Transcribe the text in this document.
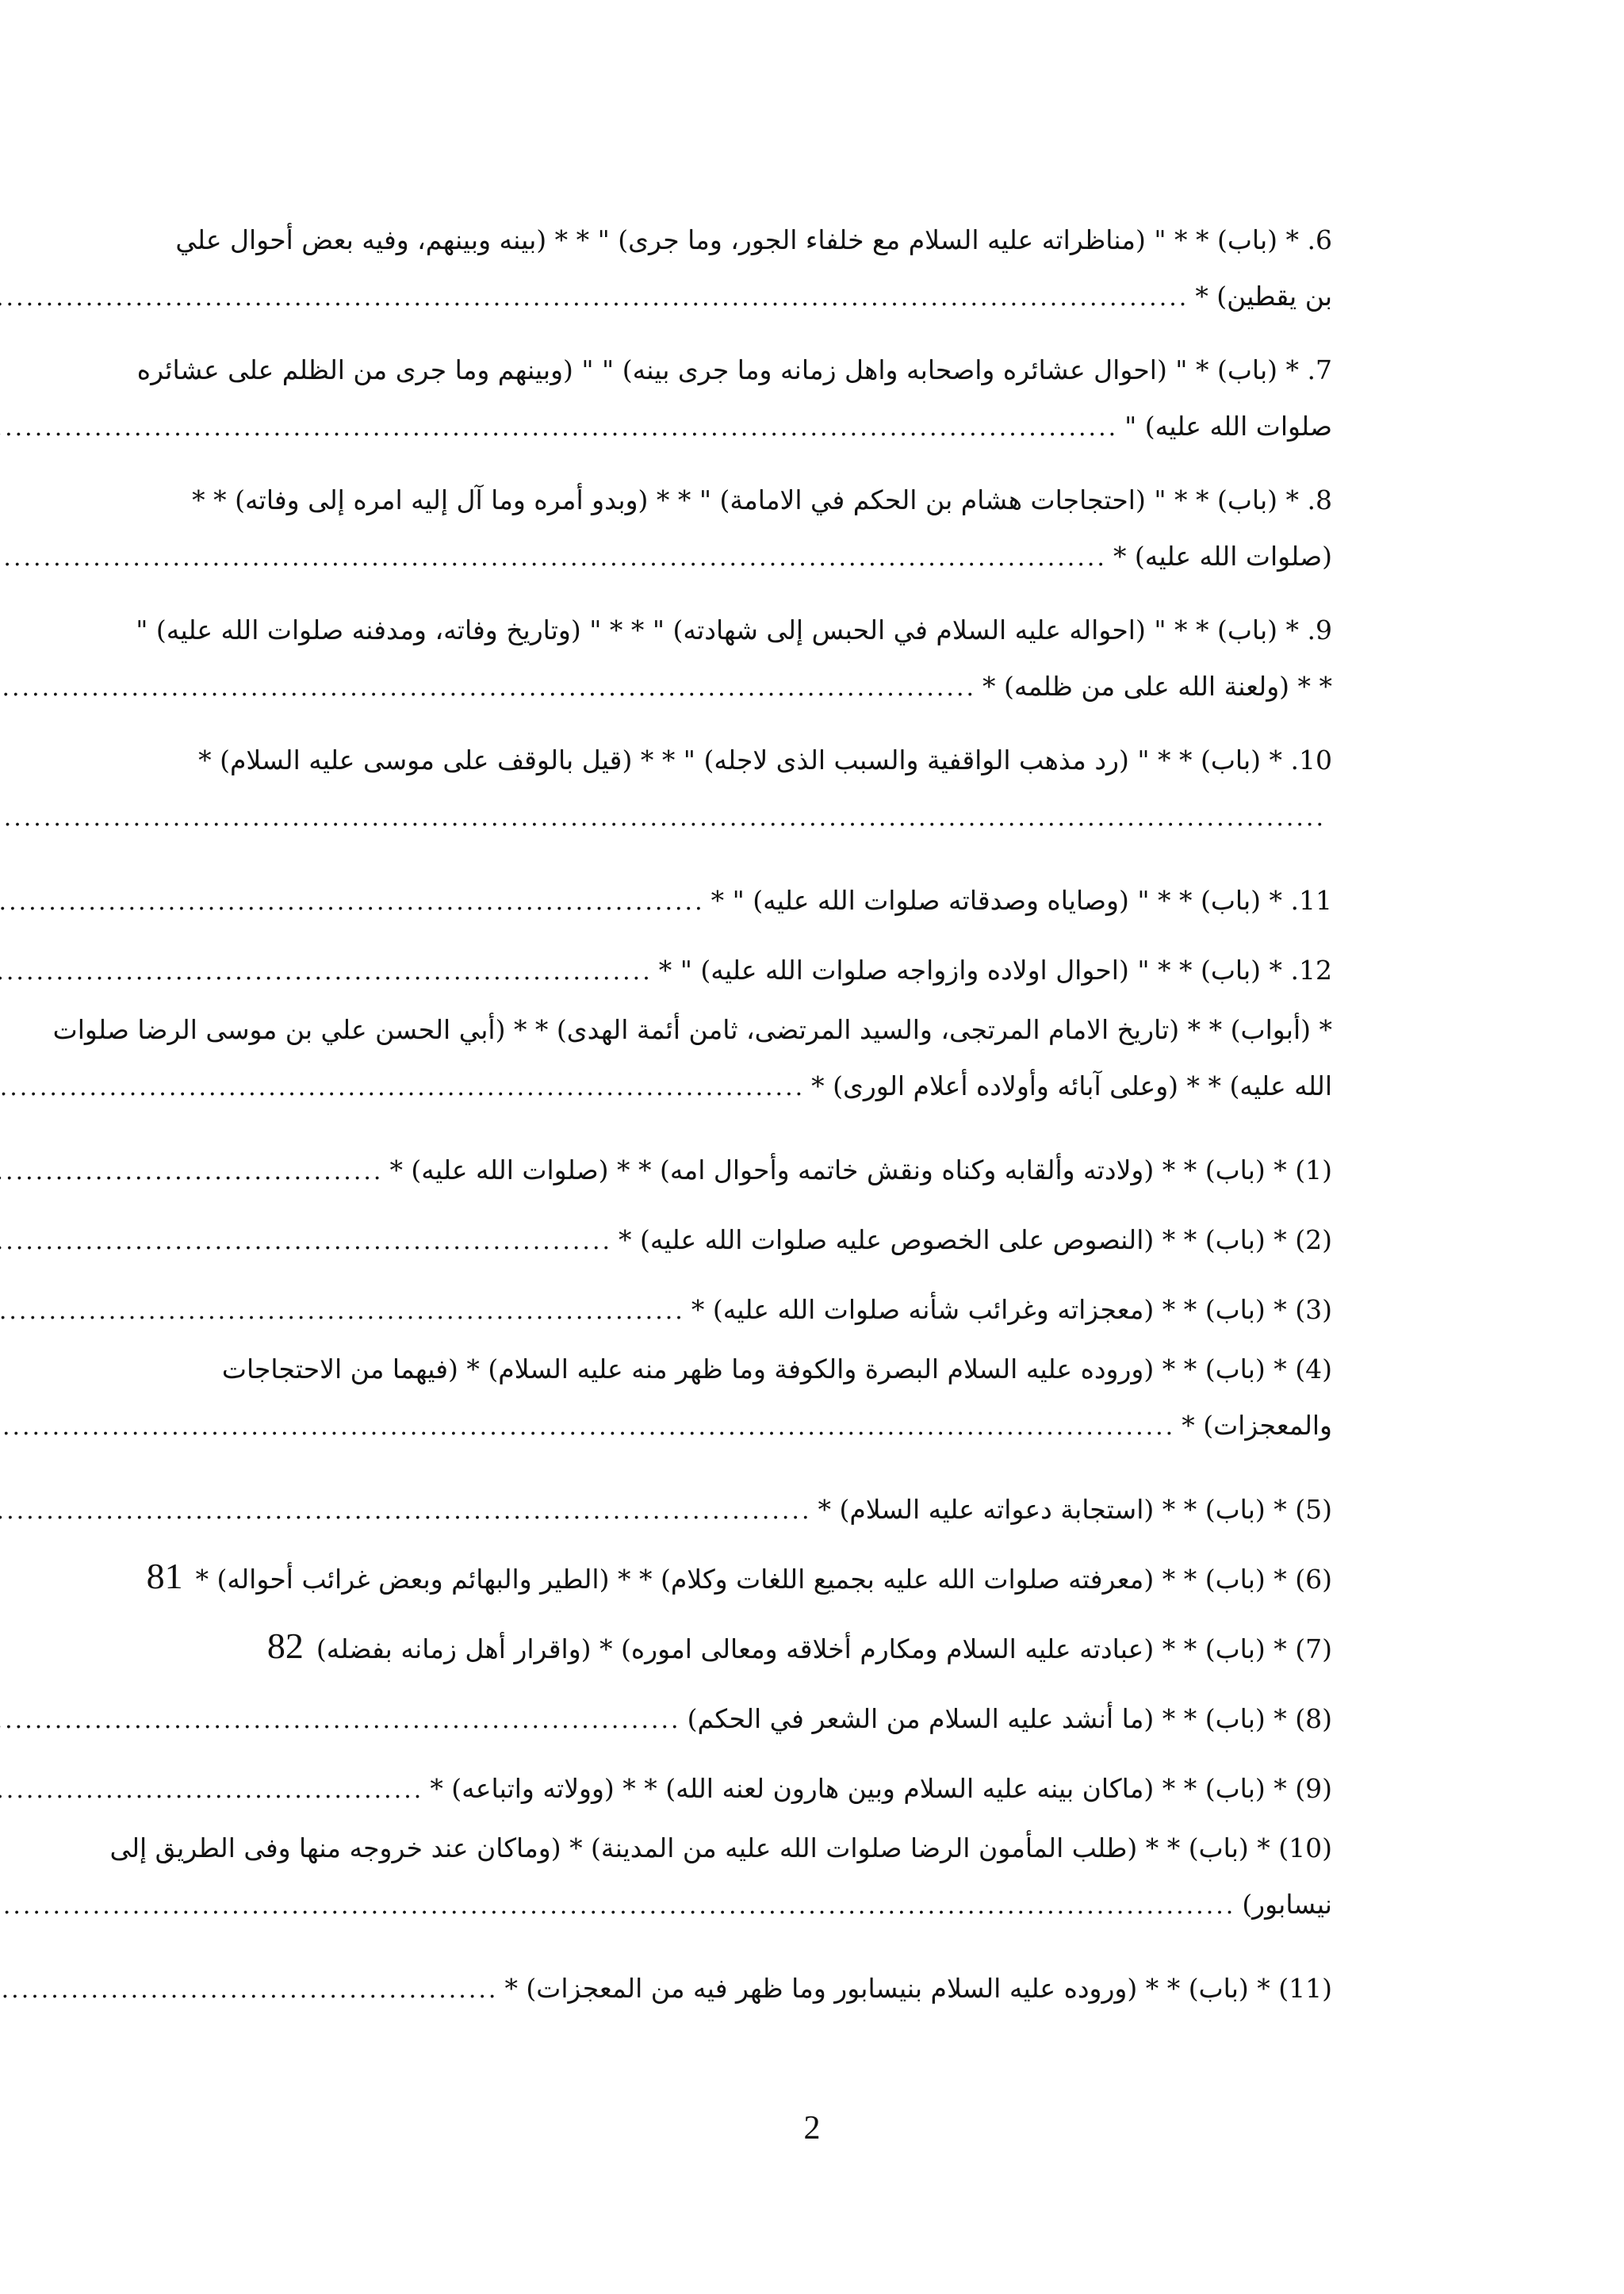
6. * (باب) * * " (مناظراته عليه السلام مع خلفاء الجور، وما جرى) " * * (بينه وبينهم، وفيه بعض أحوال علي
بن يقطين) *
.....
7. * (باب) * " (احوال عشائره واصحابه واهل زمانه وما جرى بينه) " " (وبينهم وما جرى من الظلم على عشائره
صلوات الله عليه) "
.....
8. * (باب) * * " (احتجاجات هشام بن الحكم في الامامة) " * * (وبدو أمره وما آل إليه امره إلى وفاته) * *
(صلوات الله عليه) *
.....
9. * (باب) * * " (احواله عليه السلام في الحبس إلى شهادته) " * * " (وتاريخ وفاته، ومدفنه صلوات الله عليه) "
* * (ولعنة الله على من ظلمه) *
.....
10. * (باب) * * " (رد مذهب الواقفية والسبب الذى لاجله) " * * (قيل بالوقف على موسى عليه السلام) *
.....
11. * (باب) * * " (وصاياه وصدقاته صلوات الله عليه) " *
.....
12. * (باب) * * " (احوال اولاده وازواجه صلوات الله عليه) " *
.....
* (أبواب) * * (تاريخ الامام المرتجى، والسيد المرتضى، ثامن أئمة الهدى) * * (أبي الحسن علي بن موسى الرضا صلوات
الله عليه) * * (وعلى آبائه وأولاده أعلام الورى) *
.....
(1) * (باب) * * (ولادته وألقابه وكناه ونقش خاتمه وأحوال امه) * * (صلوات الله عليه) *
.....
(2) * (باب) * * (النصوص على الخصوص عليه صلوات الله عليه) *
.....
(3) * (باب) * * (معجزاته وغرائب شأنه صلوات الله عليه) *
.....
(4) * (باب) * * (وروده عليه السلام البصرة والكوفة وما ظهر منه عليه السلام) * (فيهما من الاحتجاجات
والمعجزات) *
.....
(5) * (باب) * * (استجابة دعواته عليه السلام) *
.....
(6) * (باب) * * (معرفته صلوات الله عليه بجميع اللغات وكلام) * * (الطير والبهائم وبعض غرائب أحواله) *
81
(7) * (باب) * * (عبادته عليه السلام ومكارم أخلاقه ومعالى اموره) * (واقرار أهل زمانه بفضله)
82
(8) * (باب) * * (ما أنشد عليه السلام من الشعر في الحكم)
.....
(9) * (باب) * * (ماكان بينه عليه السلام وبين هارون لعنه الله) * * (وولاته واتباعه) *
.....
(10) * (باب) * * (طلب المأمون الرضا صلوات الله عليه من المدينة) * (وماكان عند خروجه منها وفى الطريق إلى
نيسابور)
.....
(11) * (باب) * * (وروده عليه السلام بنيسابور وما ظهر فيه من المعجزات) *
.....
2
